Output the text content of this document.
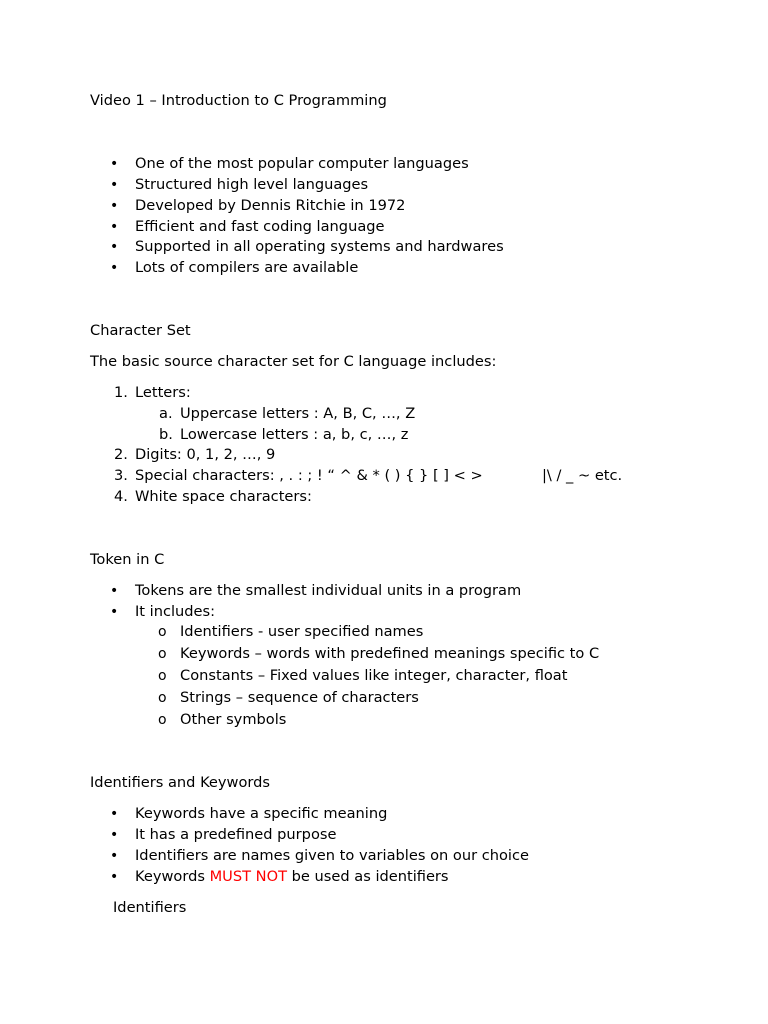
Video 1 – Introduction to C Programming
• One of the most popular computer languages
• Structured high level languages
• Developed by Dennis Ritchie in 1972
• Efficient and fast coding language
• Supported in all operating systems and hardwares
• Lots of compilers are available
Character Set
The basic source character set for C language includes:
1. Letters:
a. Uppercase letters : A, B, C, …, Z
b. Lowercase letters : a, b, c, …, z
2. Digits: 0, 1, 2, …, 9
3. Special characters: , . : ; ! “ ^ & * ( ) { } [ ] < >	|\ / _ ~ etc.
4. White space characters:
Token in C
• Tokens are the smallest individual units in a program
• It includes:
o Identifiers - user specified names
o Keywords – words with predefined meanings specific to C
o Constants – Fixed values like integer, character, float
o Strings – sequence of characters
o Other symbols
Identifiers and Keywords
• Keywords have a specific meaning
• It has a predefined purpose
• Identifiers are names given to variables on our choice
• Keywords MUST NOT be used as identifiers
Identifiers
